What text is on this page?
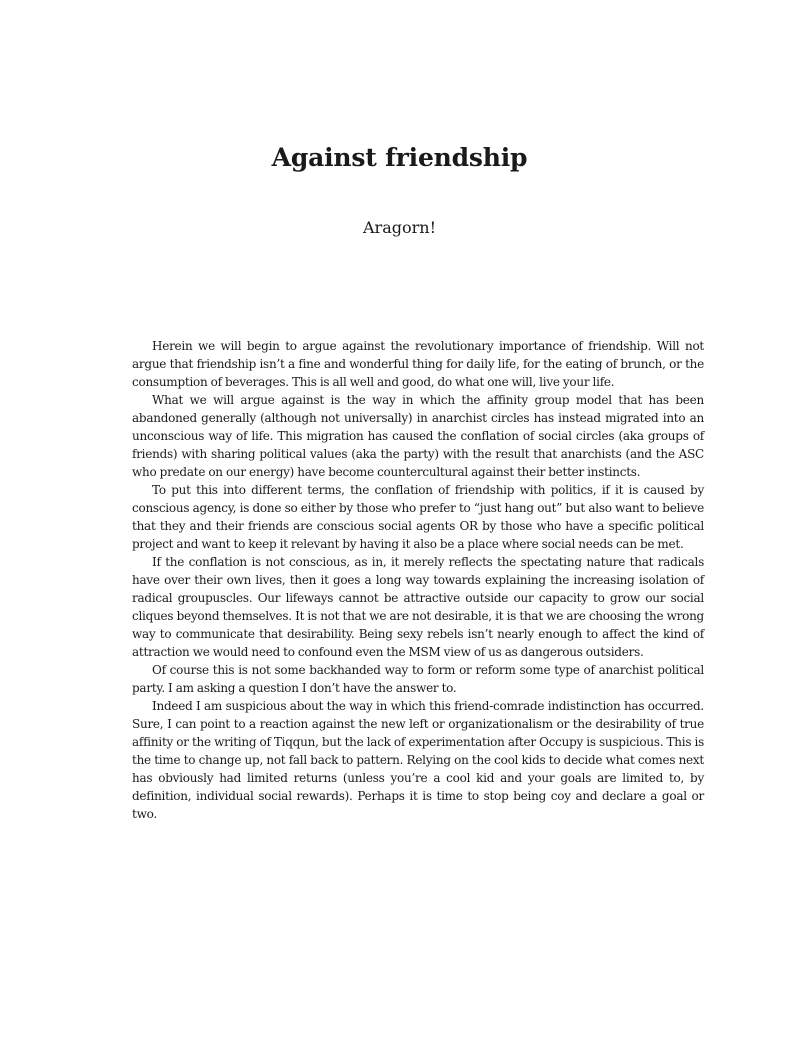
Against friendship
Aragorn!

Herein we will begin to argue against the revolutionary importance of friendship. Will not argue that friendship isn’t a fine and wonderful thing for daily life, for the eating of brunch, or the consumption of beverages. This is all well and good, do what one will, live your life.

What we will argue against is the way in which the affinity group model that has been abandoned generally (although not universally) in anarchist circles has instead migrated into an unconscious way of life. This migration has caused the conflation of social circles (aka groups of friends) with sharing political values (aka the party) with the result that anarchists (and the ASC who predate on our energy) have become countercultural against their better instincts.

To put this into different terms, the conflation of friendship with politics, if it is caused by conscious agency, is done so either by those who prefer to “just hang out” but also want to believe that they and their friends are conscious social agents OR by those who have a specific political project and want to keep it relevant by having it also be a place where social needs can be met.

If the conflation is not conscious, as in, it merely reflects the spectating nature that radicals have over their own lives, then it goes a long way towards explaining the increasing isolation of radical groupuscles. Our lifeways cannot be attractive outside our capacity to grow our social cliques beyond themselves. It is not that we are not desirable, it is that we are choosing the wrong way to communicate that desirability. Being sexy rebels isn’t nearly enough to affect the kind of attraction we would need to confound even the MSM view of us as dangerous outsiders.

Of course this is not some backhanded way to form or reform some type of anarchist political party. I am asking a question I don’t have the answer to.

Indeed I am suspicious about the way in which this friend-comrade indistinction has occurred. Sure, I can point to a reaction against the new left or organizationalism or the desirability of true affinity or the writing of Tiqqun, but the lack of experimentation after Occupy is suspicious. This is the time to change up, not fall back to pattern. Relying on the cool kids to decide what comes next has obviously had limited returns (unless you’re a cool kid and your goals are limited to, by definition, individual social rewards). Perhaps it is time to stop being coy and declare a goal or two.
